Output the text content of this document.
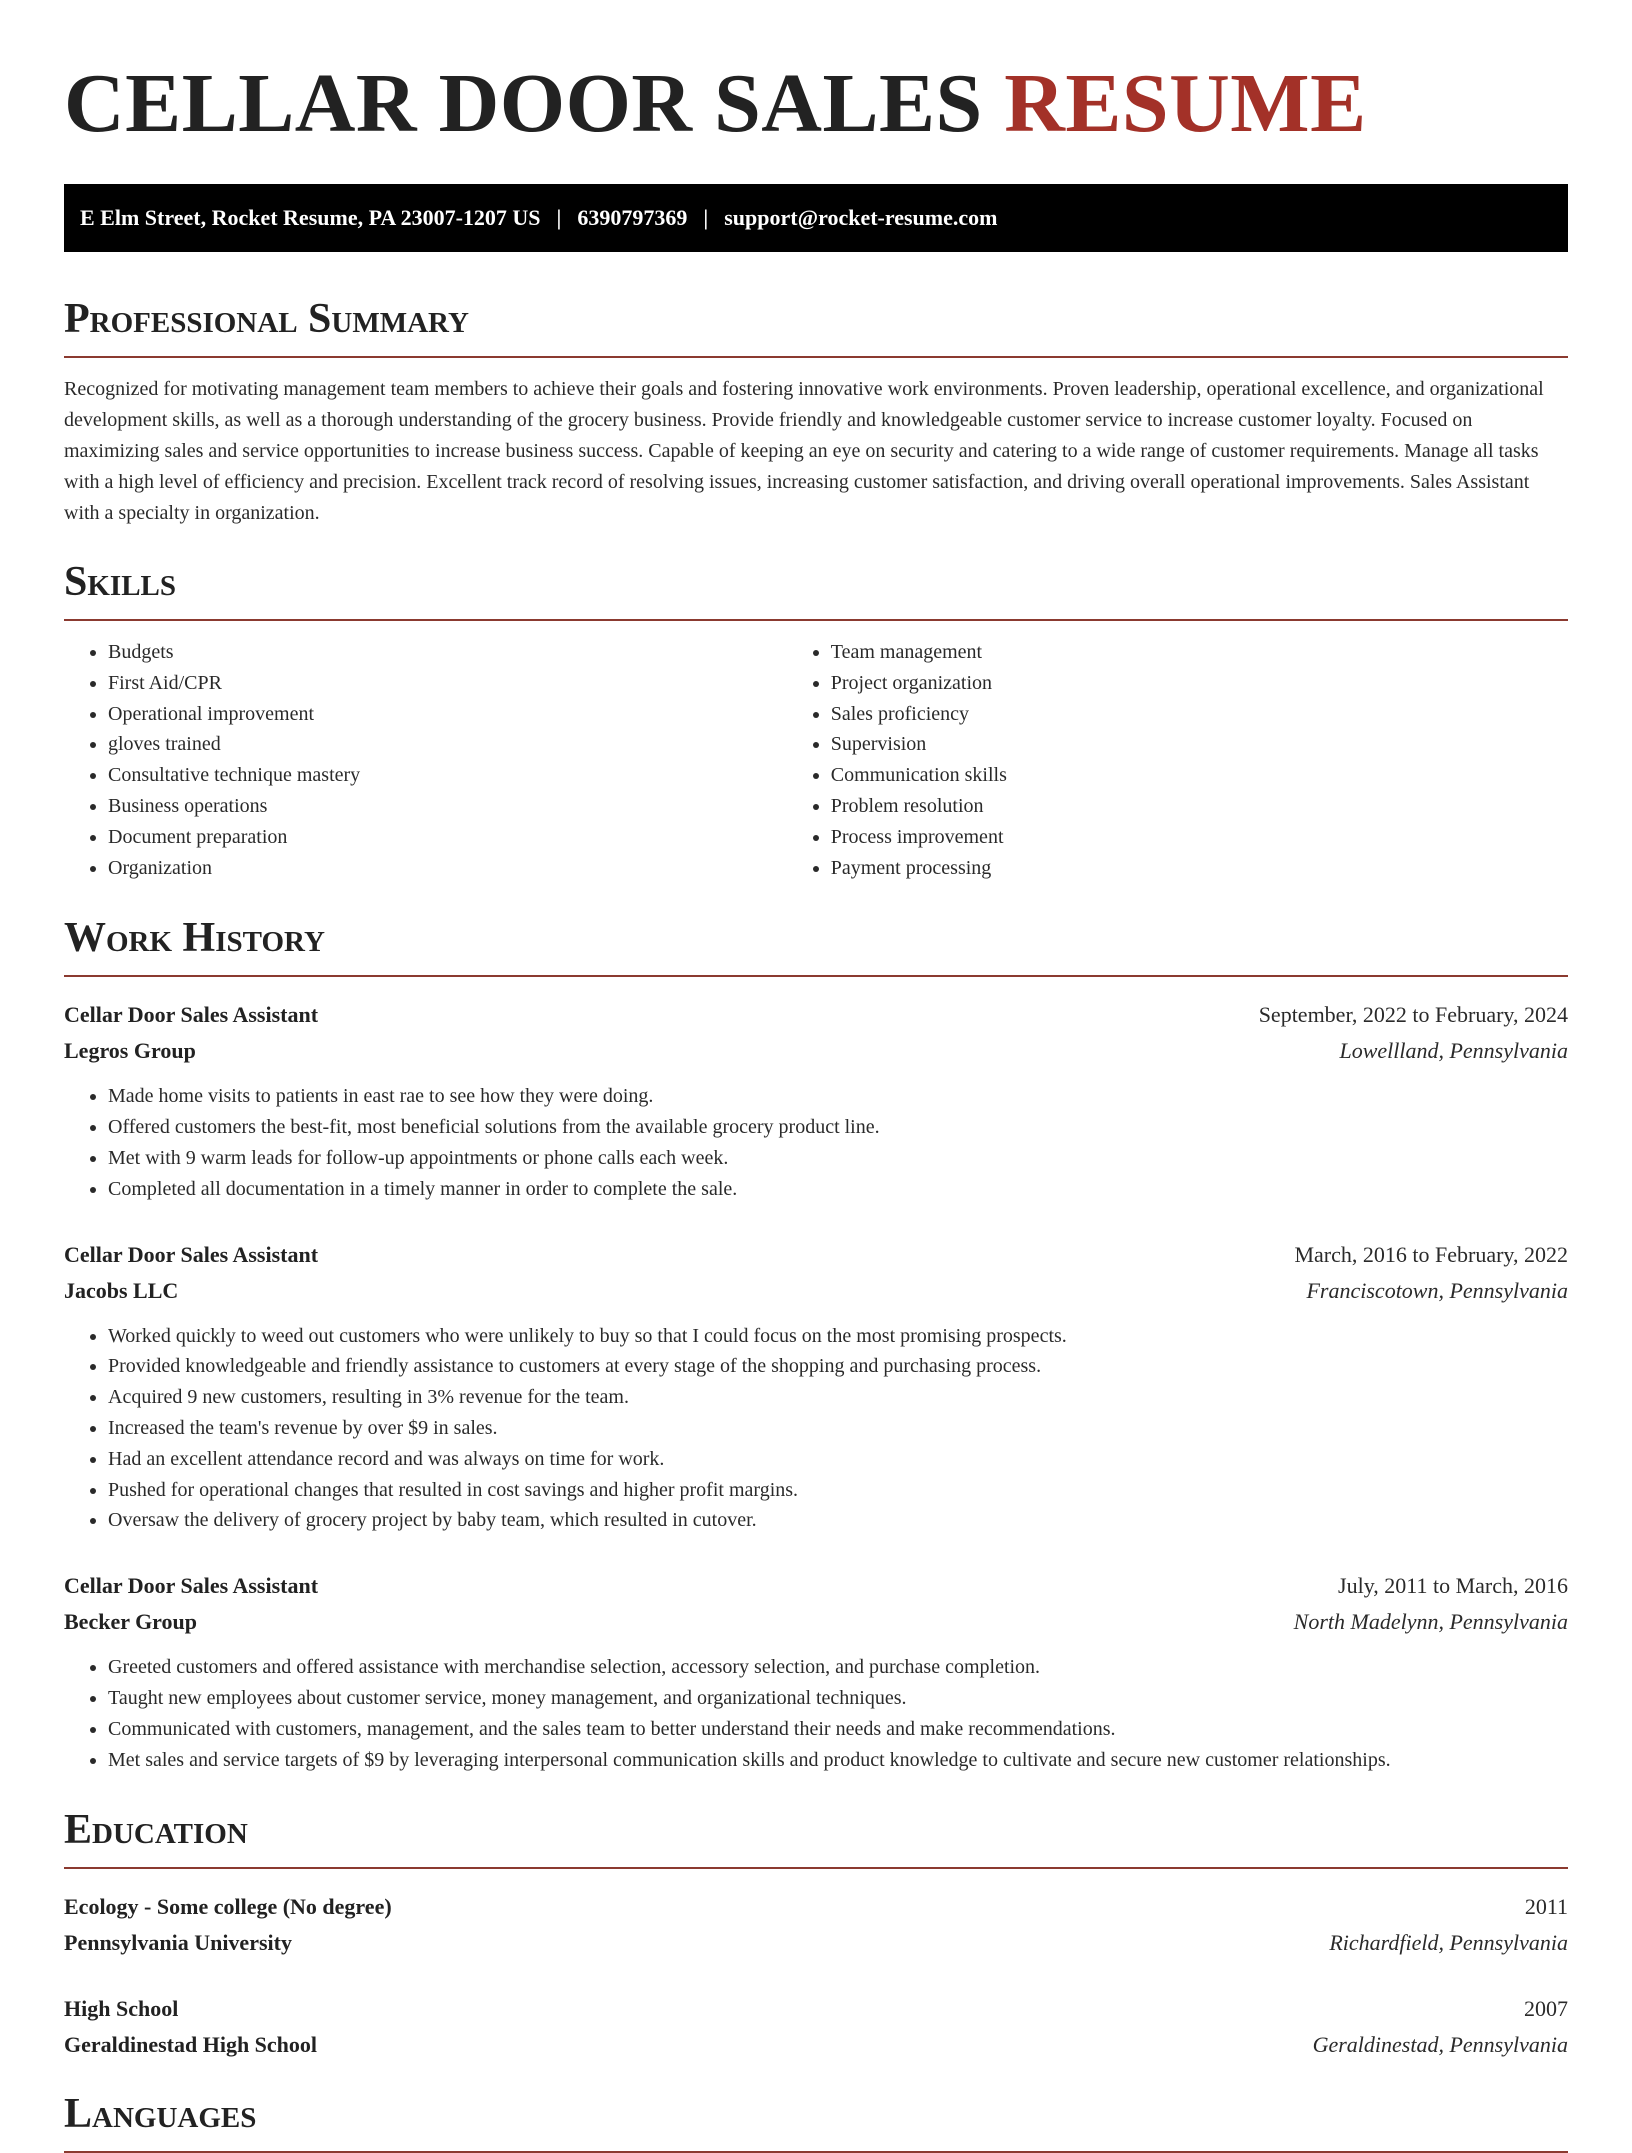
CELLAR DOOR SALES RESUME
E Elm Street, Rocket Resume, PA 23007-1207 US | 6390797369 | support@rocket-resume.com
Professional Summary

Recognized for motivating management team members to achieve their goals and fostering innovative work environments. Proven leadership, operational excellence, and organizational development skills, as well as a thorough understanding of the grocery business. Provide friendly and knowledgeable customer service to increase customer loyalty. Focused on maximizing sales and service opportunities to increase business success. Capable of keeping an eye on security and catering to a wide range of customer requirements. Manage all tasks with a high level of efficiency and precision. Excellent track record of resolving issues, increasing customer satisfaction, and driving overall operational improvements. Sales Assistant with a specialty in organization.

Skills
• Budgets
• First Aid/CPR
• Operational improvement
• gloves trained
• Consultative technique mastery
• Business operations
• Document preparation
• Organization
• Team management
• Project organization
• Sales proficiency
• Supervision
• Communication skills
• Problem resolution
• Process improvement
• Payment processing
Work History
Cellar Door Sales Assistant	September, 2022 to February, 2024
Legros Group	Lowellland, Pennsylvania
• Made home visits to patients in east rae to see how they were doing.
• Offered customers the best-fit, most beneficial solutions from the available grocery product line.
• Met with 9 warm leads for follow-up appointments or phone calls each week.
• Completed all documentation in a timely manner in order to complete the sale.
Cellar Door Sales Assistant	March, 2016 to February, 2022
Jacobs LLC	Franciscotown, Pennsylvania
• Worked quickly to weed out customers who were unlikely to buy so that I could focus on the most promising prospects.
• Provided knowledgeable and friendly assistance to customers at every stage of the shopping and purchasing process.
• Acquired 9 new customers, resulting in 3% revenue for the team.
• Increased the team's revenue by over $9 in sales.
• Had an excellent attendance record and was always on time for work.
• Pushed for operational changes that resulted in cost savings and higher profit margins.
• Oversaw the delivery of grocery project by baby team, which resulted in cutover.
Cellar Door Sales Assistant	July, 2011 to March, 2016
Becker Group	North Madelynn, Pennsylvania
• Greeted customers and offered assistance with merchandise selection, accessory selection, and purchase completion.
• Taught new employees about customer service, money management, and organizational techniques.
• Communicated with customers, management, and the sales team to better understand their needs and make recommendations.
• Met sales and service targets of $9 by leveraging interpersonal communication skills and product knowledge to cultivate and secure new customer relationships.
Education
Ecology - Some college (No degree)	2011
Pennsylvania University	Richardfield, Pennsylvania
High School	2007
Geraldinestad High School	Geraldinestad, Pennsylvania
Languages
